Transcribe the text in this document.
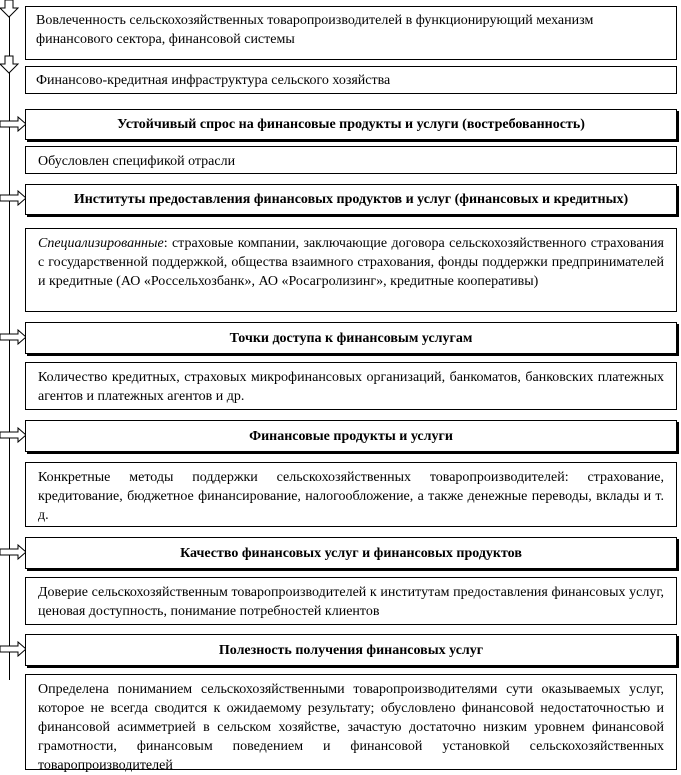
Вовлеченность сельскохозяйственных товаропроизводителей в функционирующий механизм финансового сектора, финансовой системы
Финансово-кредитная инфраструктура сельского хозяйства
Устойчивый спрос на финансовые продукты и услуги (востребованность)
Обусловлен спецификой отрасли
Институты предоставления финансовых продуктов и услуг (финансовых и кредитных)
Специализированные: страховые компании, заключающие договора сельскохозяйственного страхования с государственной поддержкой, общества взаимного страхования, фонды поддержки предпринимателей и кредитные (АО «Россельхозбанк», АО «Росагролизинг», кредитные кооперативы)
Точки доступа к финансовым услугам
Количество кредитных, страховых микрофинансовых организаций, банкоматов, банковских платежных агентов и платежных агентов и др.
Финансовые продукты и услуги
Конкретные методы поддержки сельскохозяйственных товаропроизводителей: страхование, кредитование, бюджетное финансирование, налогообложение, а также денежные переводы, вклады и т. д.
Качество финансовых услуг и финансовых продуктов
Доверие сельскохозяйственным товаропроизводителей к институтам предоставления финансовых услуг, ценовая доступность, понимание потребностей клиентов
Полезность получения финансовых услуг
Определена пониманием сельскохозяйственными товаропроизводителями сути оказываемых услуг, которое не всегда сводится к ожидаемому результату; обусловлено финансовой недостаточностью и финансовой асимметрией в сельском хозяйстве, зачастую достаточно низким уровнем финансовой грамотности, финансовым поведением и финансовой установкой сельскохозяйственных товаропроизводителей
